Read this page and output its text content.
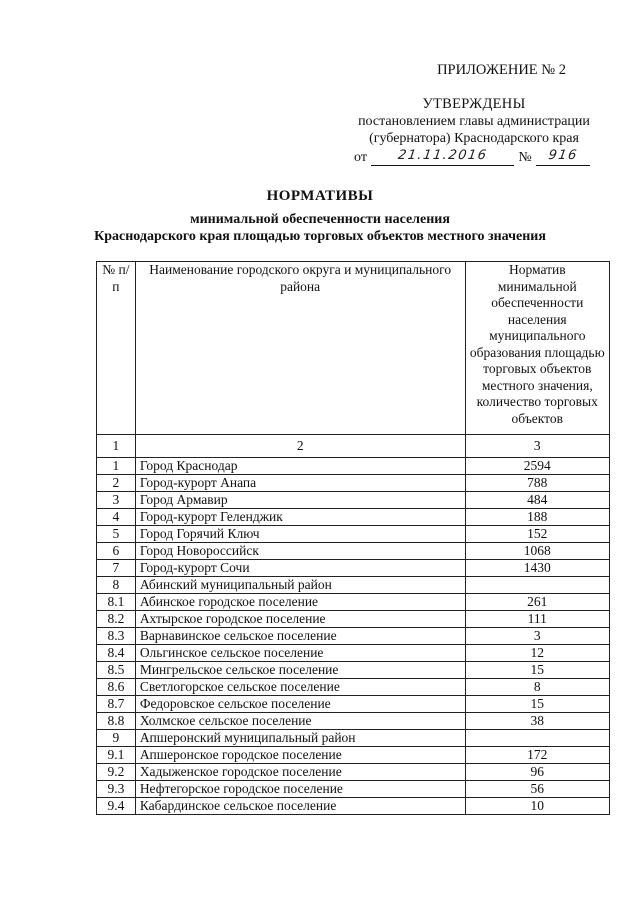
ПРИЛОЖЕНИЕ № 2
УТВЕРЖДЕНЫ
постановлением главы администрации
(губернатора) Краснодарского края
от	21.11.2016	№	916
НОРМАТИВЫ
минимальной обеспеченности населения
Краснодарского края площадью торговых объектов местного значения
№ п/п	Наименование городского округа и муниципального района	Норматив минимальной обеспеченности населения муниципального образования площадью торговых объектов местного значения, количество торговых объектов
1	2	3
1	Город Краснодар	2594
2	Город-курорт Анапа	788
3	Город Армавир	484
4	Город-курорт Геленджик	188
5	Город Горячий Ключ	152
6	Город Новороссийск	1068
7	Город-курорт Сочи	1430
8	Абинский муниципальный район	
8.1	Абинское городское поселение	261
8.2	Ахтырское городское поселение	111
8.3	Варнавинское сельское поселение	3
8.4	Ольгинское сельское поселение	12
8.5	Мингрельское сельское поселение	15
8.6	Светлогорское сельское поселение	8
8.7	Федоровское сельское поселение	15
8.8	Холмское сельское поселение	38
9	Апшеронский муниципальный район	
9.1	Апшеронское городское поселение	172
9.2	Хадыженское городское поселение	96
9.3	Нефтегорское городское поселение	56
9.4	Кабардинское сельское поселение	10
